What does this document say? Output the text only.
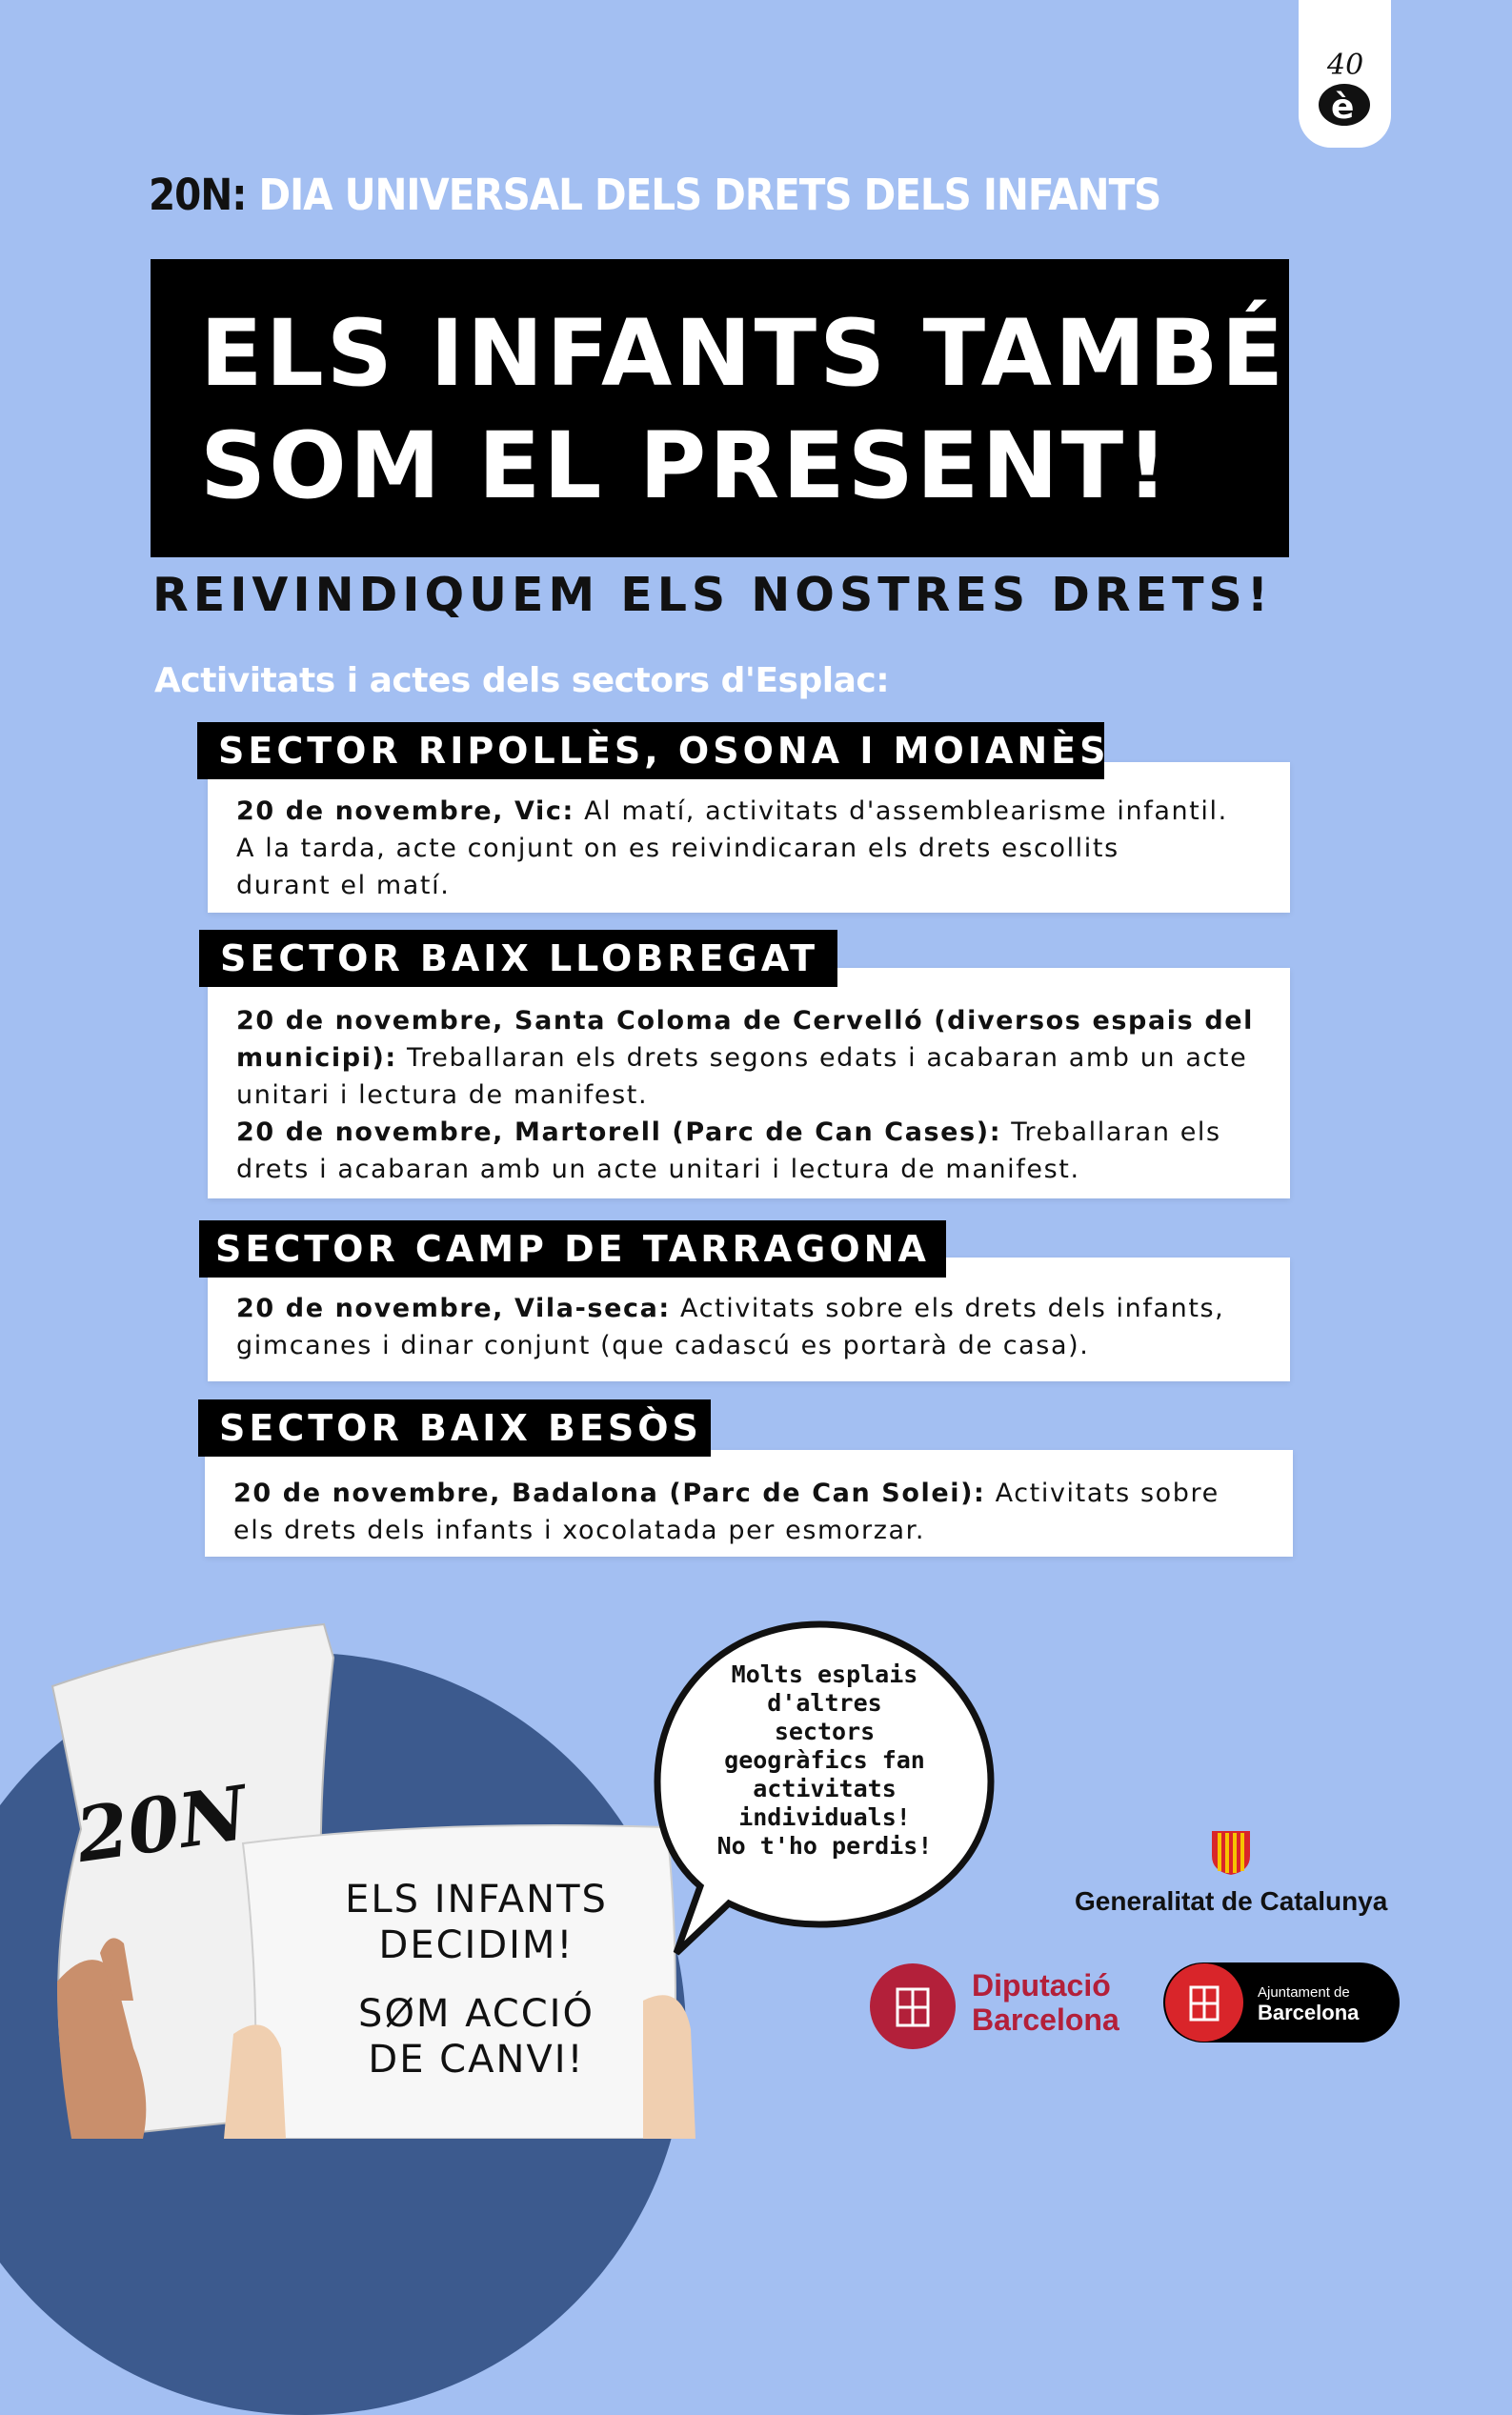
40
è
20N: DIA UNIVERSAL DELS DRETS DELS INFANTS
ELS INFANTS TAMBÉ
SOM EL PRESENT!
REIVINDIQUEM ELS NOSTRES DRETS!
Activitats i actes dels sectors d'Esplac:
20 de novembre, Vic: Al matí, activitats d'assemblearisme infantil.
A la tarda, acte conjunt on es reivindicaran els drets escollits
durant el matí.
SECTOR RIPOLLÈS, OSONA I MOIANÈS
20 de novembre, Santa Coloma de Cervelló (diversos espais del
municipi): Treballaran els drets segons edats i acabaran amb un acte
unitari i lectura de manifest.
20 de novembre, Martorell (Parc de Can Cases): Treballaran els
drets i acabaran amb un acte unitari i lectura de manifest.
SECTOR BAIX LLOBREGAT
20 de novembre, Vila-seca: Activitats sobre els drets dels infants,
gimcanes i dinar conjunt (que cadascú es portarà de casa).
SECTOR CAMP DE TARRAGONA
20 de novembre, Badalona (Parc de Can Solei): Activitats sobre
els drets dels infants i xocolatada per esmorzar.
SECTOR BAIX BESÒS
20N
ELS INFANTS
DECIDIM!
SØM ACCIÓ
DE CANVI!
Molts esplais
d'altres
sectors
geogràfics fan
activitats
individuals!
No t'ho perdis!
Generalitat de Catalunya
Diputació
Barcelona
Ajuntament de
Barcelona
